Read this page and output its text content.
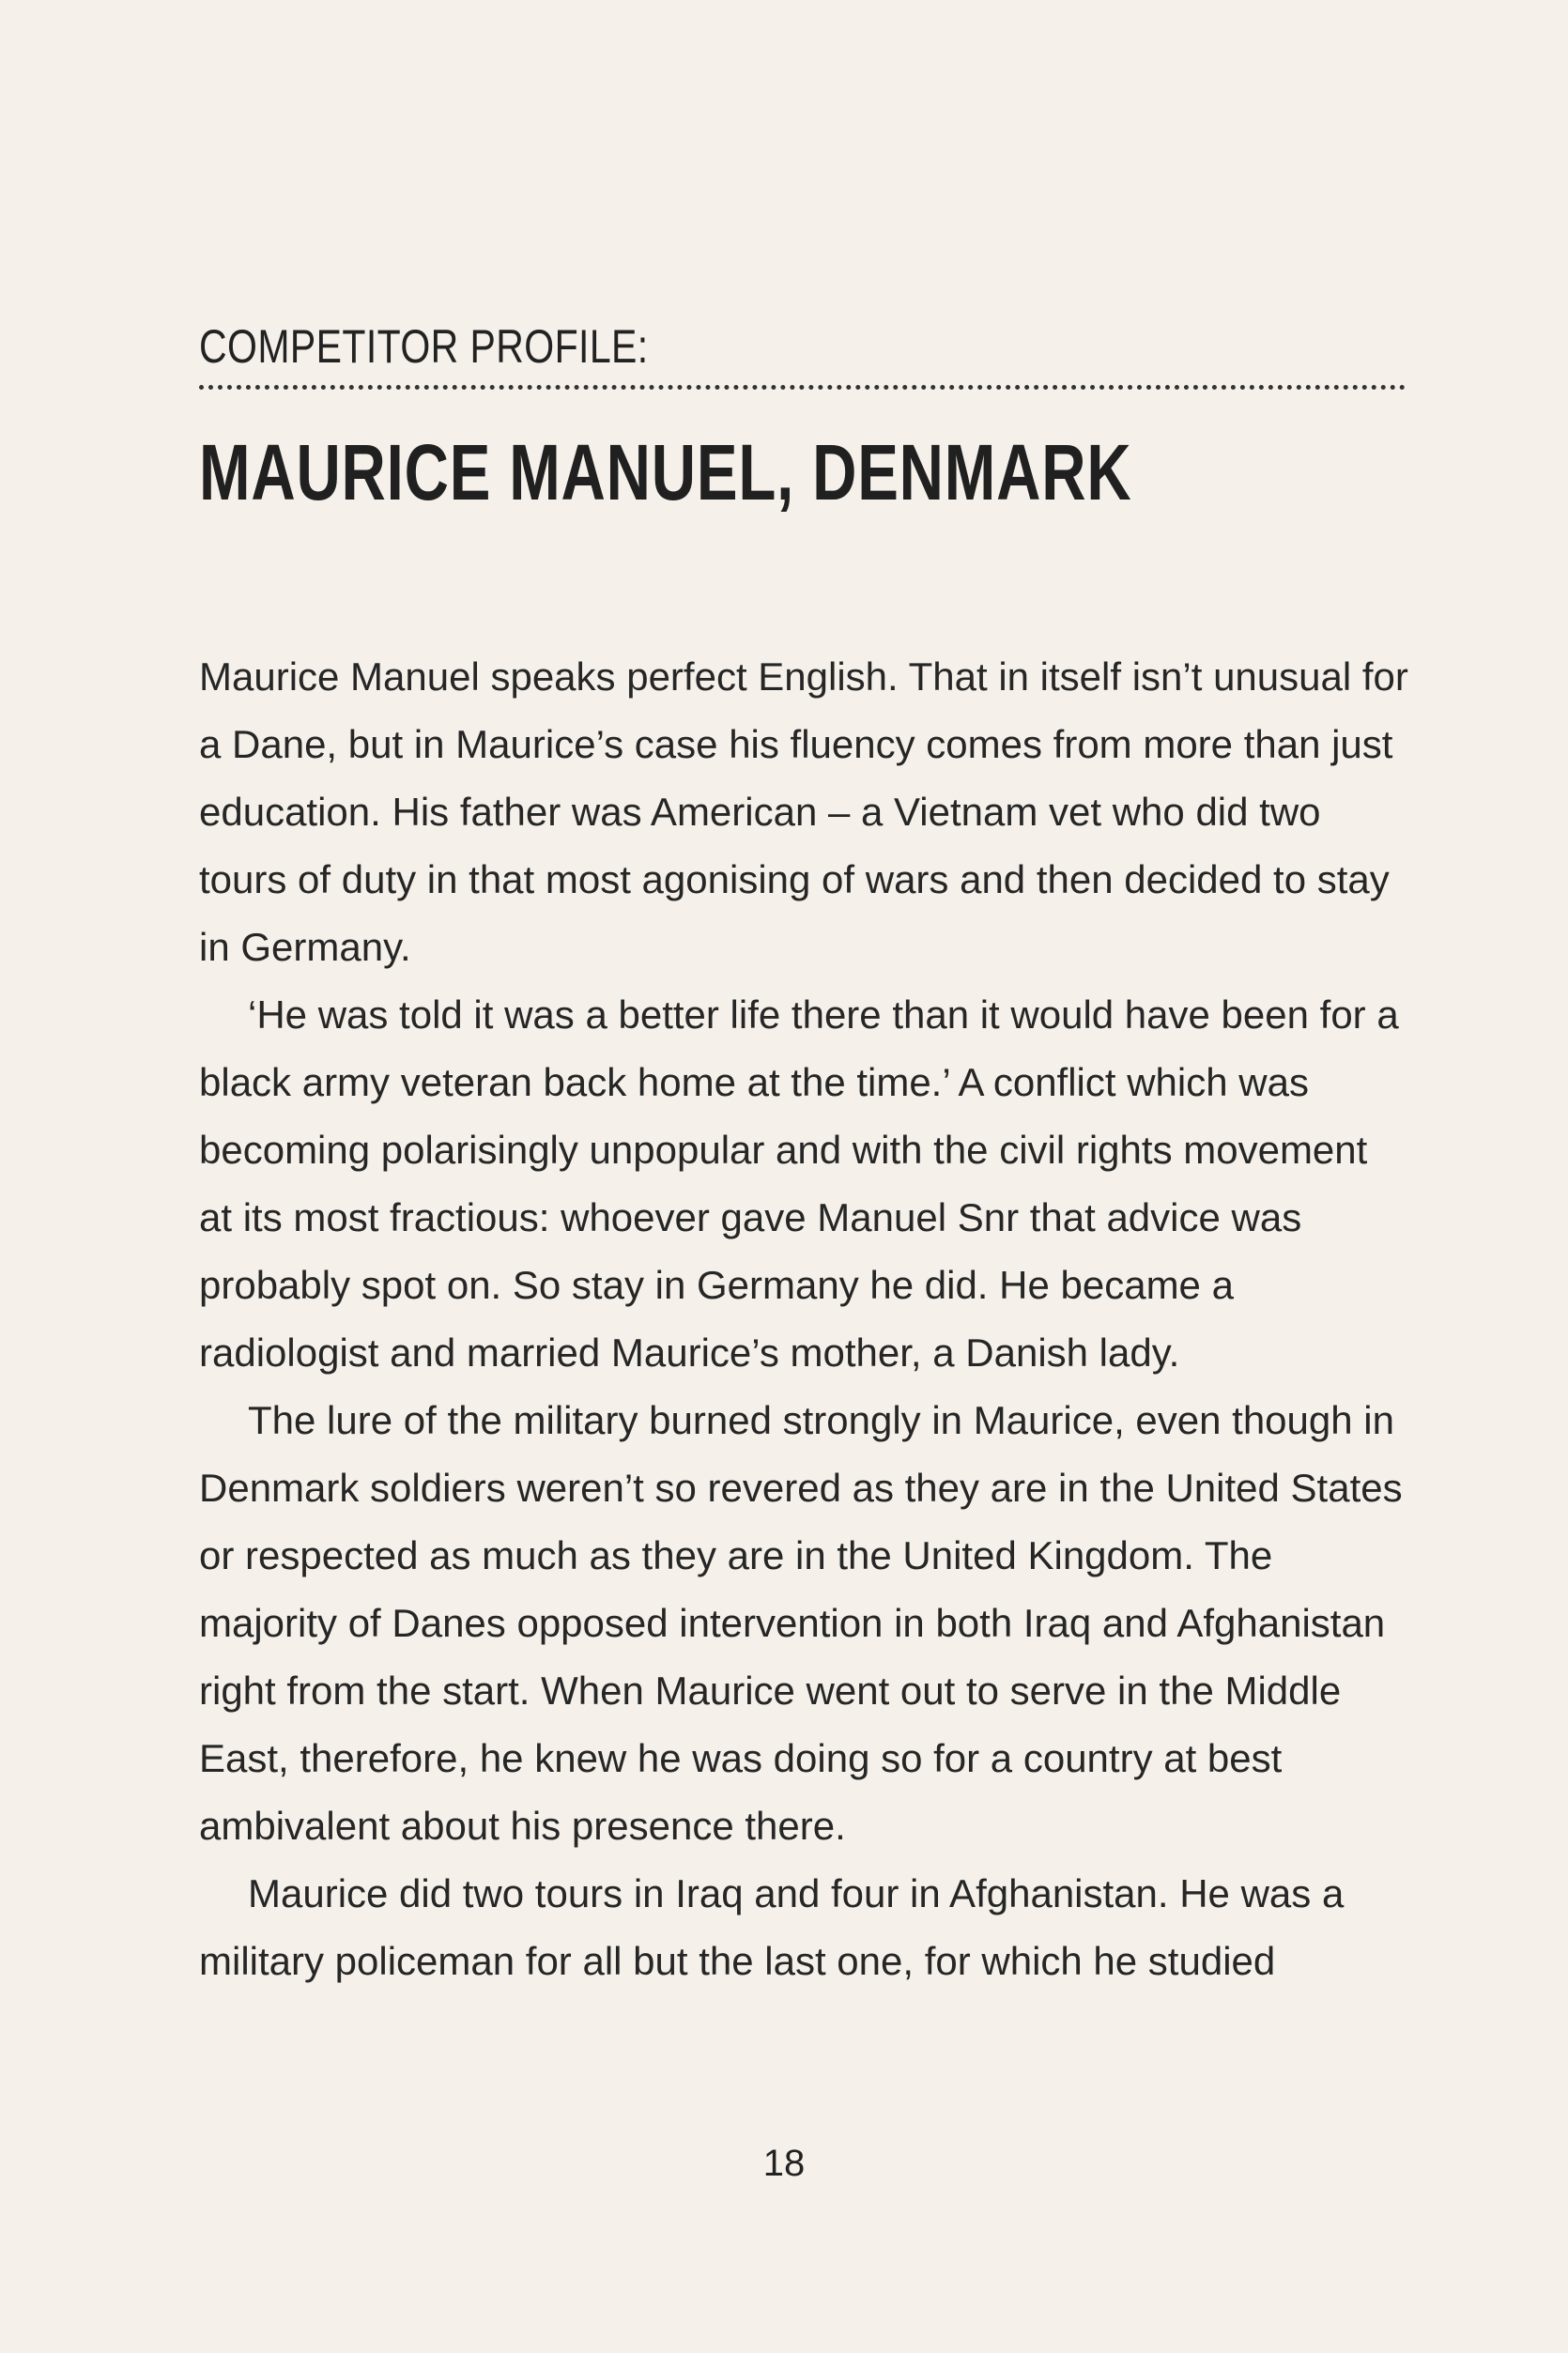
COMPETITOR PROFILE:
MAURICE MANUEL, DENMARK

Maurice Manuel speaks perfect English. That in itself isn’t unusual for a Dane, but in Maurice’s case his fluency comes from more than just education. His father was American – a Vietnam vet who did two tours of duty in that most agonising of wars and then decided to stay in Germany.

‘He was told it was a better life there than it would have been for a black army veteran back home at the time.’ A conflict which was becoming polarisingly unpopular and with the civil rights movement at its most fractious: whoever gave Manuel Snr that advice was probably spot on. So stay in Germany he did. He became a radiologist and married Maurice’s mother, a Danish lady.

The lure of the military burned strongly in Maurice, even though in Denmark soldiers weren’t so revered as they are in the United States or respected as much as they are in the United Kingdom. The majority of Danes opposed intervention in both Iraq and Afghanistan right from the start. When Maurice went out to serve in the Middle East, therefore, he knew he was doing so for a country at best ambivalent about his presence there.

Maurice did two tours in Iraq and four in Afghanistan. He was a military policeman for all but the last one, for which he studied

18
